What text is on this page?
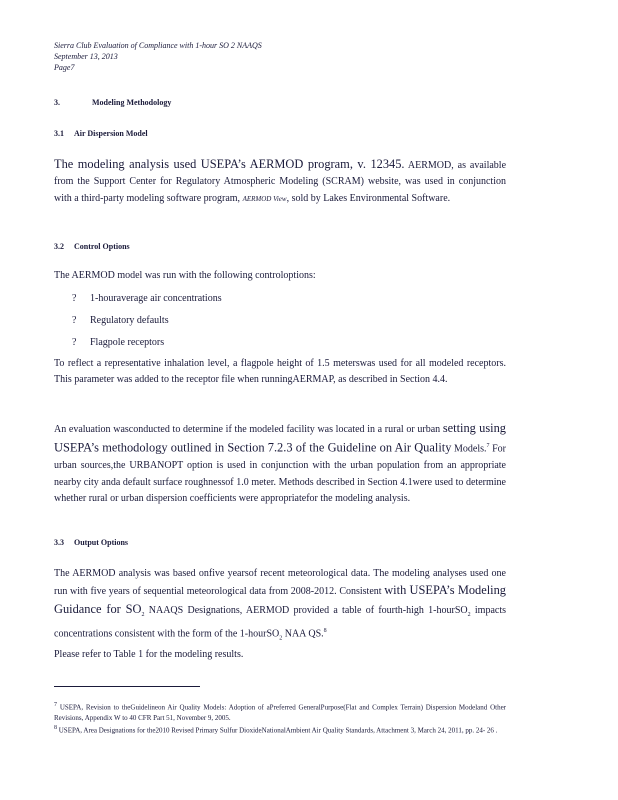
Sierra Club Evaluation of Compliance with 1-hour SO 2 NAAQS
September 13, 2013
Page7
3.	Modeling Methodology
3.1 Air Dispersion Model
The modeling analysis used USEPA’s AERMOD program, v. 12345. AERMOD, as available from the Support Center for Regulatory Atmospheric Modeling (SCRAM) website, was used in conjunction with a third-party modeling software program, AERMOD View, sold by Lakes Environmental Software.
3.2 Control Options
The AERMOD model was run with the following controloptions:
? 1-houraverage air concentrations
? Regulatory defaults
? Flagpole receptors
To reflect a representative inhalation level, a flagpole height of 1.5 meterswas used for all modeled receptors. This parameter was added to the receptor file when runningAERMAP, as described in Section 4.4.
An evaluation wasconducted to determine if the modeled facility was located in a rural or urban setting using USEPA’s methodology outlined in Section 7.2.3 of the Guideline on Air Quality Models.$^7$ For urban sources,the URBANOPT option is used in conjunction with the urban population from an appropriate nearby city anda default surface roughnessof 1.0 meter. Methods described in Section 4.1were used to determine whether rural or urban dispersion coefficients were appropriatefor the modeling analysis.
3.3 Output Options
The AERMOD analysis was based onfive yearsof recent meteorological data. The modeling analyses used one run with five years of sequential meteorological data from 2008-2012. Consistent with USEPA’s Modeling Guidance for $SO_2$ NAAQS Designations, AERMOD provided a table of fourth-high 1-hourSO$_2$ impacts concentrations consistent with the form of the 1-hourSO$_2$ NAA QS.$^8$
Please refer to Table 1 for the modeling results.
$^7$ USEPA, Revision to theGuidelineon Air Quality Models: Adoption of aPreferred GeneralPurpose(Flat and Complex Terrain) Dispersion Modeland Other Revisions, Appendix W to 40 CFR Part 51, November 9, 2005.
$^8$ USEPA, Area Designations for the2010 Revised Primary Sulfur DioxideNationalAmbient Air Quality Standards, Attachment 3, March 24, 2011, pp. 24- 26 .
